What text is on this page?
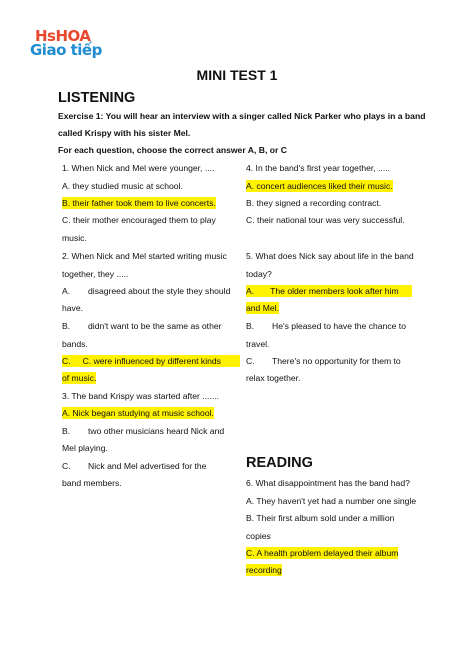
HsHOA
Giao tiếp
MINI TEST 1
LISTENING
Exercise 1: You will hear an interview with a singer called Nick Parker who plays in a band
called Krispy with his sister Mel.
For each question, choose the correct answer A, B, or C
1. When Nick and Mel were younger, ....
A. they studied music at school.
B. their father took them to live concerts.
C. their mother encouraged them to play
music.
2. When Nick and Mel started writing music
together, they .....
A. disagreed about the style they should
have.
B. didn't want to be the same as other
bands.
C. C. were influenced by different kinds
of music.
3. The band Krispy was started after .......
A. Nick began studying at music school.
B. two other musicians heard Nick and
Mel playing.
C. Nick and Mel advertised for the
band members.
4. In the band's first year together, .....
A. concert audiences liked their music.
B. they signed a recording contract.
C. their national tour was very successful.
5. What does Nick say about life in the band
today?
A. The older members look after him
and Mel.
B. He's pleased to have the chance to
travel.
C. There's no opportunity for them to
relax together.
READING
6. What disappointment has the band had?
A. They haven't yet had a number one single
B. Their first album sold under a million
copies
C. A health problem delayed their album
recording
